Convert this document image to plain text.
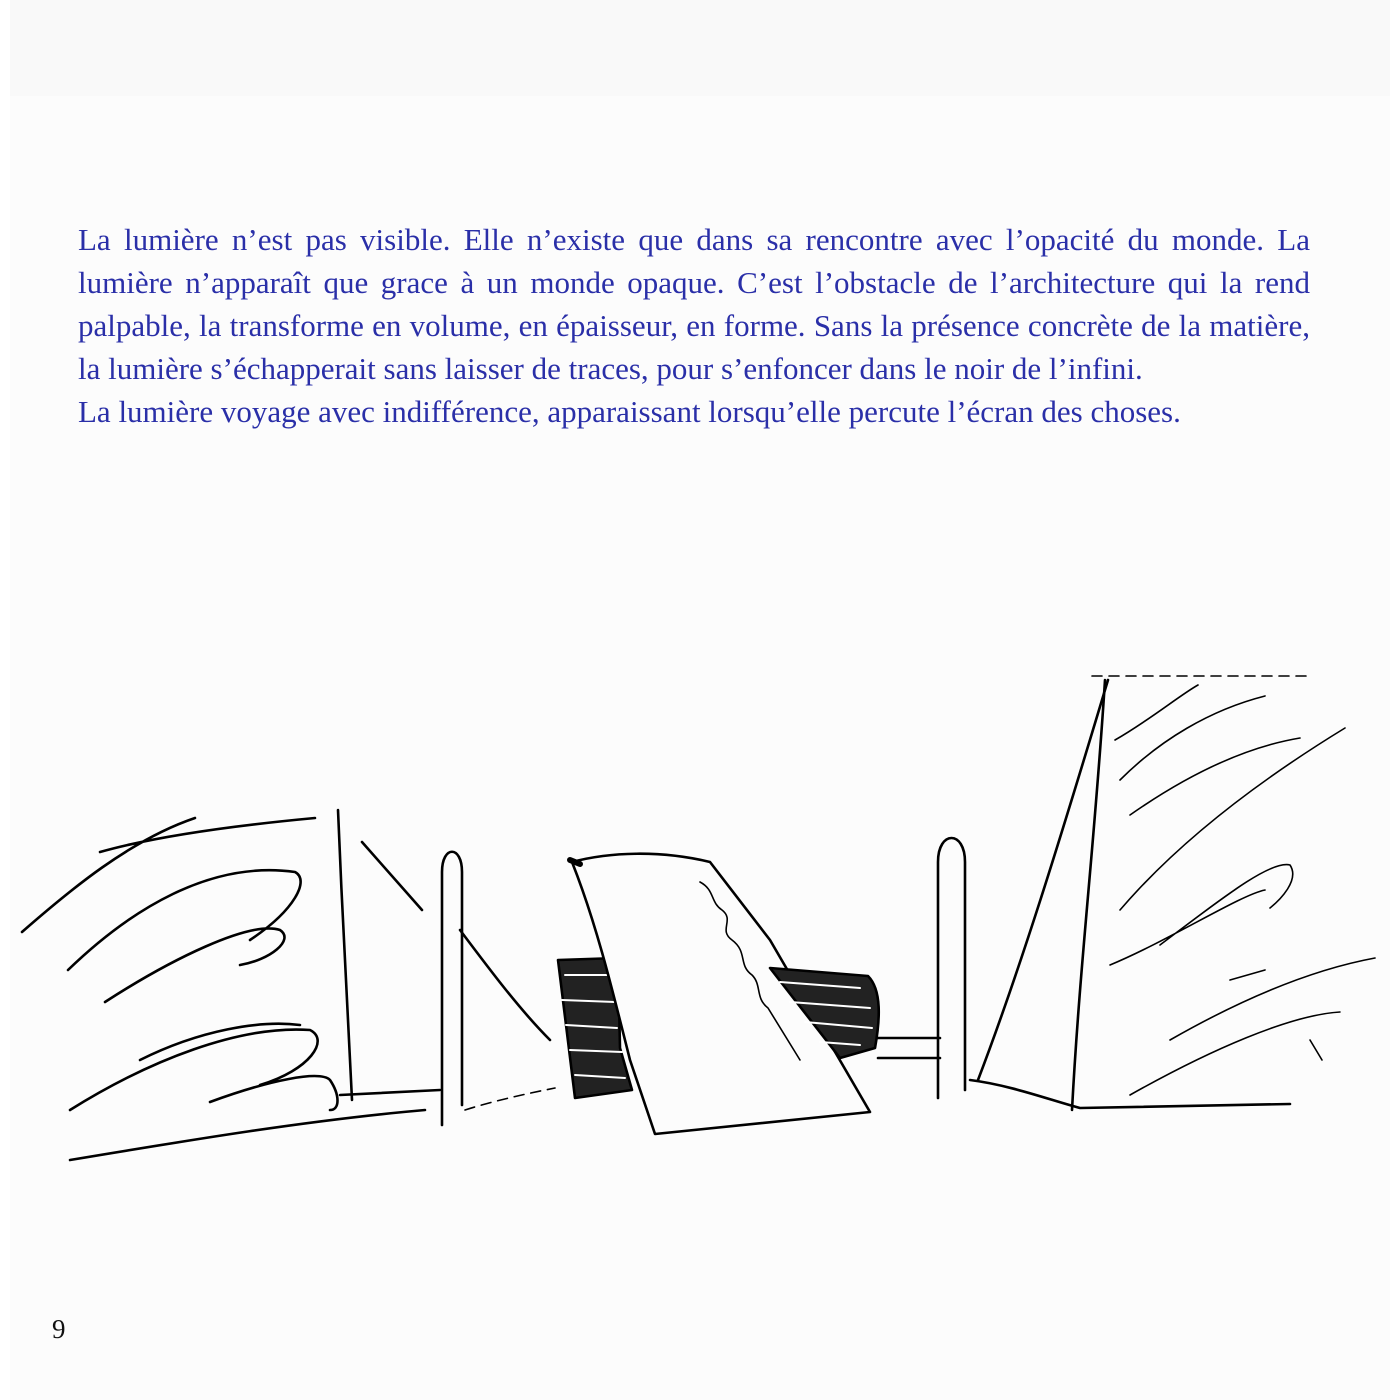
La lumière n’est pas visible. Elle n’existe que dans sa rencontre avec l’opacité du monde. La lumière n’apparaît que grace à un monde opaque. C’est l’obstacle de l’architecture qui la rend palpable, la transforme en volume, en épaisseur, en forme. Sans la présence concrète de la matière, la lumière s’échapperait sans laisser de traces, pour s’enfoncer dans le noir de l’infini.

La lumière voyage avec indifférence, apparaissant lorsqu’elle percute l’écran des choses.

9
